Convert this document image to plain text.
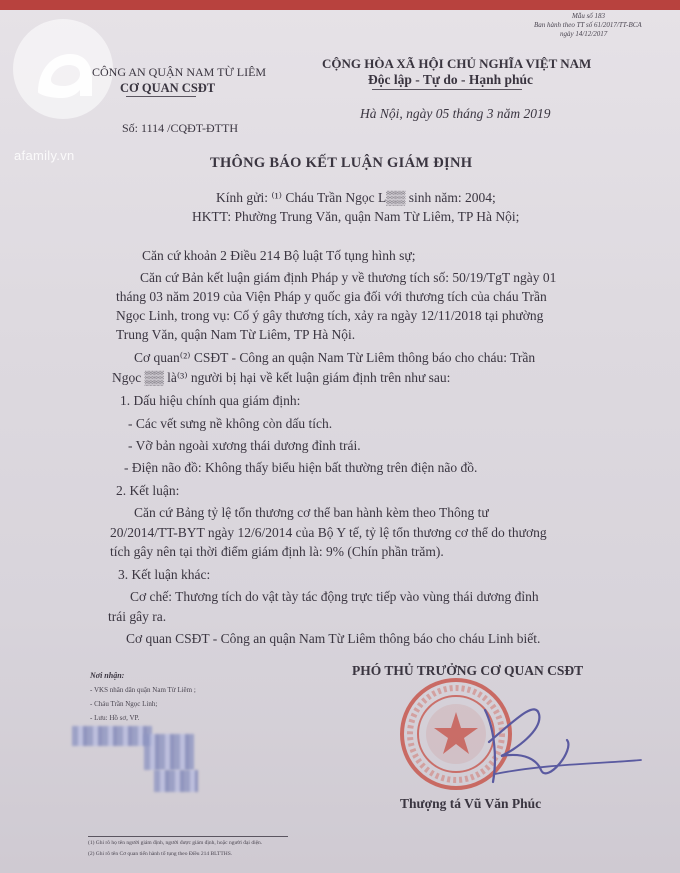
afamily.vn
Mẫu số 183
Ban hành theo TT số 61/2017/TT-BCA
ngày 14/12/2017
CÔNG AN QUẬN NAM TỪ LIÊM
CƠ QUAN CSĐT
Số: 1114 /CQĐT-ĐTTH
CỘNG HÒA XÃ HỘI CHỦ NGHĨA VIỆT NAM
Độc lập - Tự do - Hạnh phúc
Hà Nội, ngày 05 tháng 3 năm 2019
THÔNG BÁO KẾT LUẬN GIÁM ĐỊNH
Kính gửi: ⁽¹⁾ Cháu Trần Ngọc L▒▒ sinh năm: 2004;
HKTT: Phường Trung Văn, quận Nam Từ Liêm, TP Hà Nội;
Căn cứ khoản 2 Điều 214 Bộ luật Tố tụng hình sự;
Căn cứ Bản kết luận giám định Pháp y về thương tích số: 50/19/TgT ngày 01
tháng 03 năm 2019 của Viện Pháp y quốc gia đối với thương tích của cháu Trần
Ngọc Linh, trong vụ: Cố ý gây thương tích, xảy ra ngày 12/11/2018 tại phường
Trung Văn, quận Nam Từ Liêm, TP Hà Nội.
Cơ quan⁽²⁾ CSĐT - Công an quận Nam Từ Liêm thông báo cho cháu: Trần
Ngọc ▒▒ là⁽³⁾ người bị hại về kết luận giám định trên như sau:
1. Dấu hiệu chính qua giám định:
- Các vết sưng nề không còn dấu tích.
- Vỡ bản ngoài xương thái dương đỉnh trái.
- Điện não đồ: Không thấy biểu hiện bất thường trên điện não đồ.
2. Kết luận:
Căn cứ Bảng tỷ lệ tổn thương cơ thể ban hành kèm theo Thông tư
20/2014/TT-BYT ngày 12/6/2014 của Bộ Y tế, tỷ lệ tổn thương cơ thể do thương
tích gây nên tại thời điểm giám định là: 9% (Chín phần trăm).
3. Kết luận khác:
Cơ chế: Thương tích do vật tày tác động trực tiếp vào vùng thái dương đỉnh
trái gây ra.
Cơ quan CSĐT - Công an quận Nam Từ Liêm thông báo cho cháu Linh biết.
Nơi nhận:
- VKS nhân dân quận Nam Từ Liêm ;
- Cháu Trần Ngọc Linh;
- Lưu: Hồ sơ, VP.
PHÓ THỦ TRƯỞNG CƠ QUAN CSĐT
Thượng tá Vũ Văn Phúc
(1) Ghi rõ họ tên người giám định, người được giám định, hoặc người đại diện.
(2) Ghi rõ tên Cơ quan tiến hành tố tụng theo Điều 214 BLTTHS.
